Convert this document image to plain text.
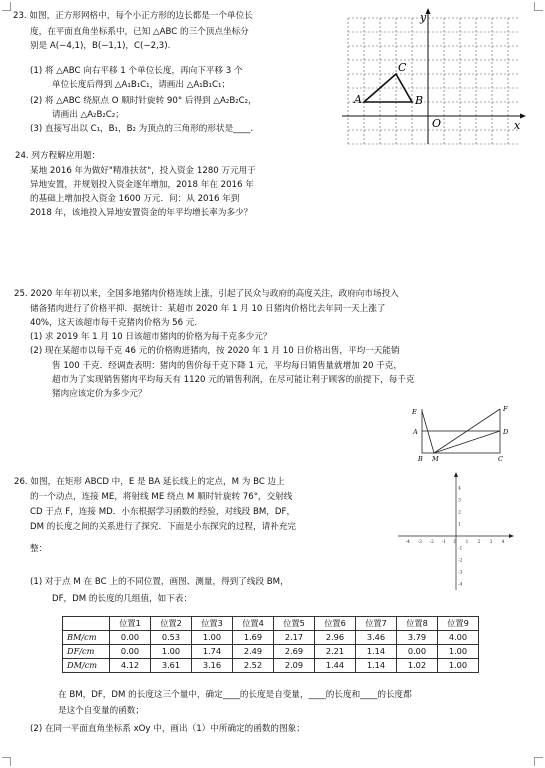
23. 如图，正方形网格中，每个小正方形的边长都是一个单位长
度，在平面直角坐标系中，已知 △ABC 的三个顶点坐标分
别是 A(−4,1)，B(−1,1)，C(−2,3).
(1) 将 △ABC 向右平移 1 个单位长度，再向下平移 3 个
单位长度后得到 △A₁B₁C₁，请画出 △A₁B₁C₁；
(2) 将 △ABC 绕原点 O 顺时针旋转 90° 后得到 △A₂B₂C₂，
请画出 △A₂B₂C₂；
(3) 直接写出以 C₁，B₁，B₂ 为顶点的三角形的形状是____.
A	B
C
O	x
y
24. 列方程解应用题：
某地 2016 年为做好"精准扶贫"，投入资金 1280 万元用于
异地安置，并规划投入资金逐年增加，2018 年在 2016 年
的基础上增加投入资金 1600 万元．问：从 2016 年到
2018 年，该地投入异地安置资金的年平均增长率为多少？
25. 2020 年年初以来，全国多地猪肉价格连续上涨，引起了民众与政府的高度关注，政府向市场投入
储备猪肉进行了价格平抑．据统计：某超市 2020 年 1 月 10 日猪肉价格比去年同一天上涨了
40%，这天该超市每千克猪肉价格为 56 元．
(1) 求 2019 年 1 月 10 日该超市猪肉的价格为每千克多少元？
(2) 现在某超市以每千克 46 元的价格购进猪肉，按 2020 年 1 月 10 日价格出售，平均一天能销
售 100 千克．经调查表明：猪肉的售价每千克下降 1 元，平均每日销售量就增加 20 千克，
超市为了实现销售猪肉平均每天有 1120 元的销售利润，在尽可能让利于顾客的前提下，每千克
猪肉应该定价为多少元？
E
A
F
D
B M	C
26. 如图，在矩形 ABCD 中，E 是 BA 延长线上的定点，M 为 BC 边上
的一个动点，连接 ME，将射线 ME 绕点 M 顺时针旋转 76°，交射线
CD 于点 F，连接 MD．小东根据学习函数的经验，对线段 BM，DF，
DM 的长度之间的关系进行了探究．下面是小东探究的过程，请补充完
整：
-4 -3 -2 -1 0 1 2 3 4
4
3
2
1
-1
-2
-3
-4
(1) 对于点 M 在 BC 上的不同位置，画图、测量，得到了线段 BM，
DF，DM 的长度的几组值，如下表：
	位置1	位置2	位置3	位置4	位置5	位置6	位置7	位置8	位置9
BM/cm	0.00	0.53	1.00	1.69	2.17	2.96	3.46	3.79	4.00
DF/cm	0.00	1.00	1.74	2.49	2.69	2.21	1.14	0.00	1.00
DM/cm	4.12	3.61	3.16	2.52	2.09	1.44	1.14	1.02	1.00
在 BM，DF，DM 的长度这三个量中，确定____的长度是自变量，____的长度和____的长度都
是这个自变量的函数；
(2) 在同一平面直角坐标系 xOy 中，画出（1）中所确定的函数的图象；
